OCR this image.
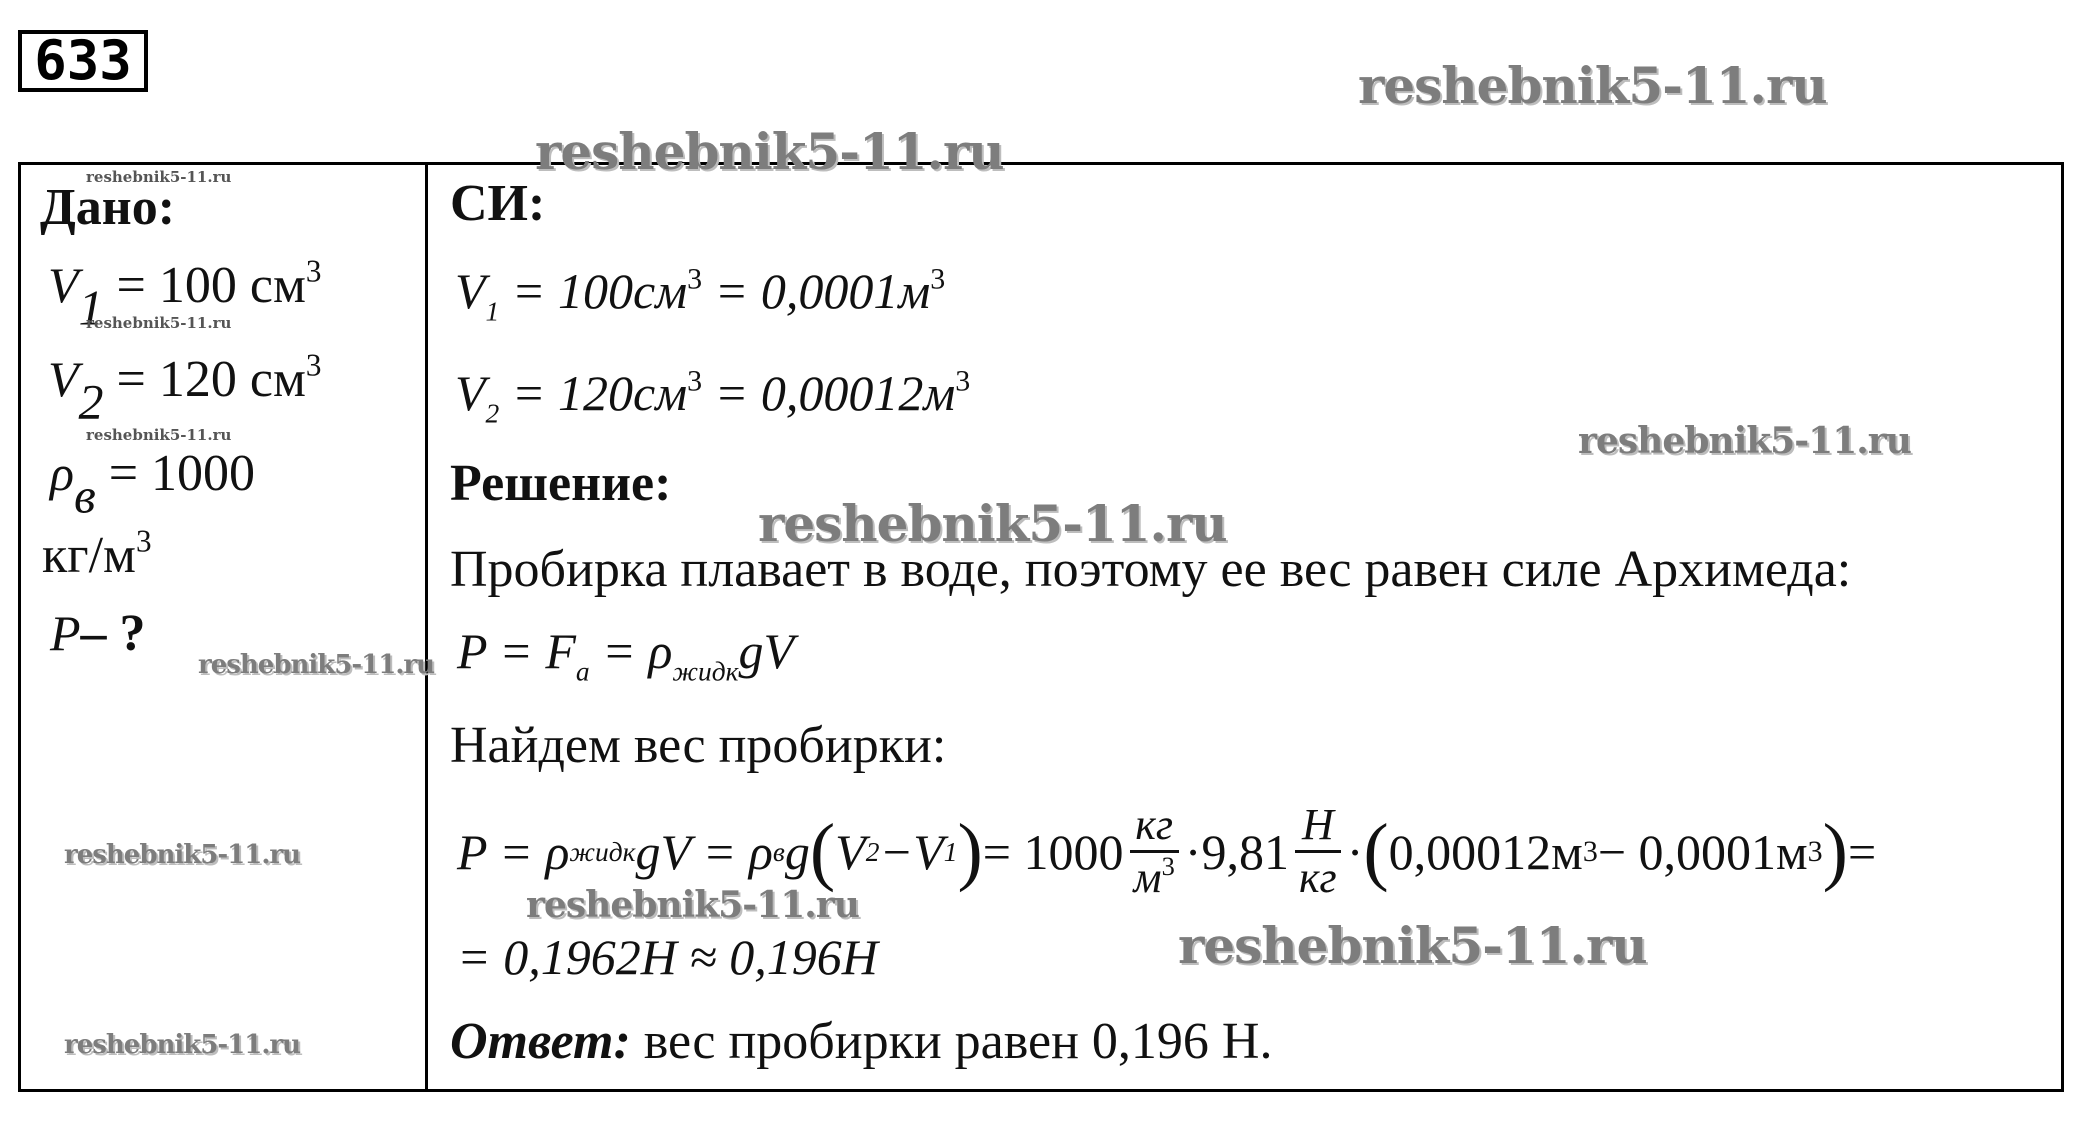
633
Дано:
$V_1 = 100$ $см^3$
$V_2 = 120$ $см^3$
$\rho_в = 1000$
$кг/м^3$
P– ?
СИ:
$V_1 = 100см^3 = 0,0001м^3$
$V_2 = 120см^3 = 0,00012м^3$
Решение:
Пробирка плавает в воде, поэтому ее вес равен силе Архимеда:
$P = F_а = \rho_{жидк}gV$
Найдем вес пробирки:
P = ρ жидк gV = ρ в g ( V 2 − V 1 ) = $1000 \frac{кг}{м^3} \cdot 9,81 \frac{Н}{кг}$ · ( 0,00012м 3 − 0,0001м 3 ) =
= 0,1962Н ≈ 0,196Н
Ответ: вес пробирки равен 0,196 Н.
reshebnik5-11.ru
reshebnik5-11.ru
reshebnik5-11.ru
reshebnik5-11.ru
reshebnik5-11.ru	reshebnik5-11.ru
reshebnik5-11.ru
reshebnik5-11.ru
reshebnik5-11.ru
reshebnik5-11.ru
reshebnik5-11.ru
reshebnik5-11.ru
